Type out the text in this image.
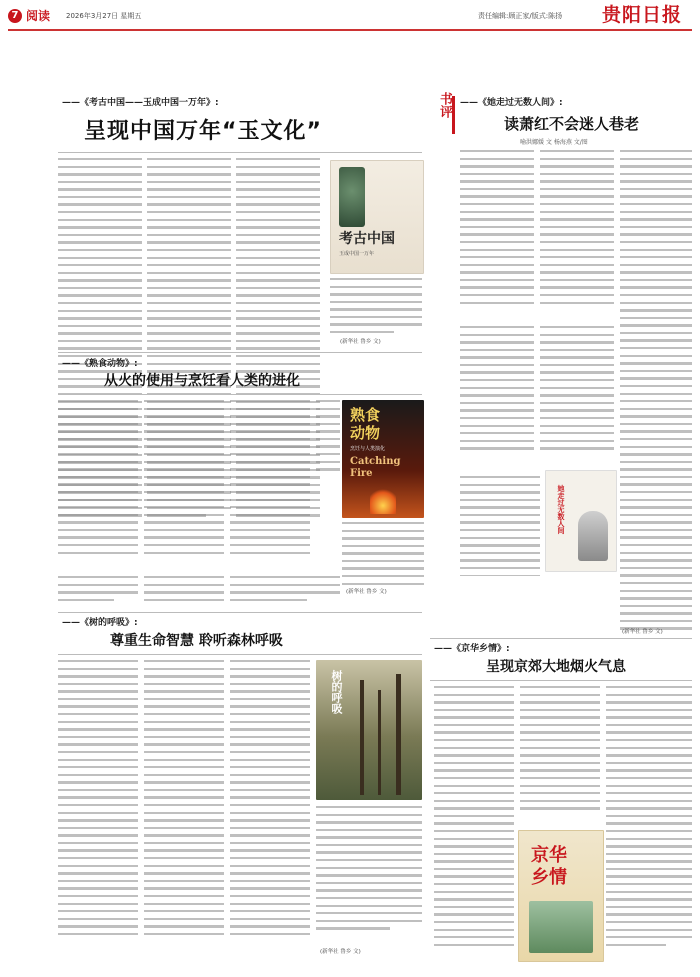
7 阅读 2026年3月27日 星期五	责任编辑:顾正家/版式:陈扬 贵阳日报
书评
——《考古中国——玉成中国一万年》:
呈现中国万年“玉文化”
考古中国
玉成中国一万年
(新华社 鲁乡 文)
——《她走过无数人间》:
读萧红不会迷人巷老
喻洪娜媛 文 杨海燕 文/图
她走过无数人间
(新华社 鲁乡 文)
——《熟食动物》:
从火的使用与烹饪看人类的进化
熟食
动物
烹饪与人类演化
Catching
Fire
(新华社 鲁乡 文)
——《树的呼吸》:
尊重生命智慧 聆听森林呼吸
树的呼吸
(新华社 鲁乡 文)
——《京华乡情》:
呈现京郊大地烟火气息
京华
乡情
